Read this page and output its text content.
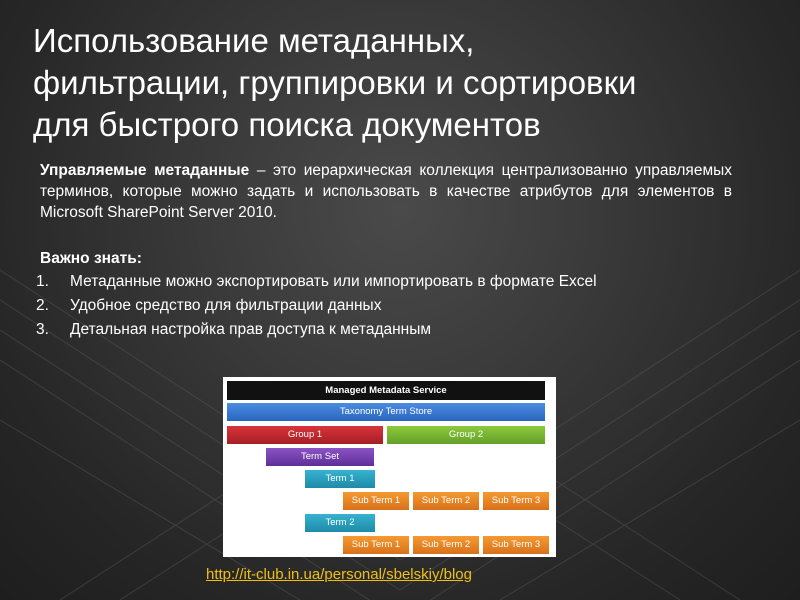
Использование метаданных,
фильтрации, группировки и сортировки
для быстрого поиска документов

Управляемые метаданные – это иерархическая коллекция централизованно управляемых терминов, которые можно задать и использовать в качестве атрибутов для элементов в Microsoft SharePoint Server 2010.

Важно знать:

1.	Метаданные можно экспортировать или импортировать в формате Excel
2.	Удобное средство для фильтрации данных
3.	Детальная настройка прав доступа к метаданным
Managed Metadata Service
Taxonomy Term Store
Group 1	Group 2
Term Set
Term 1
Sub Term 1	Sub Term 2	Sub Term 3
Term 2
Sub Term 1	Sub Term 2	Sub Term 3
http://it-club.in.ua/personal/sbelskiy/blog
